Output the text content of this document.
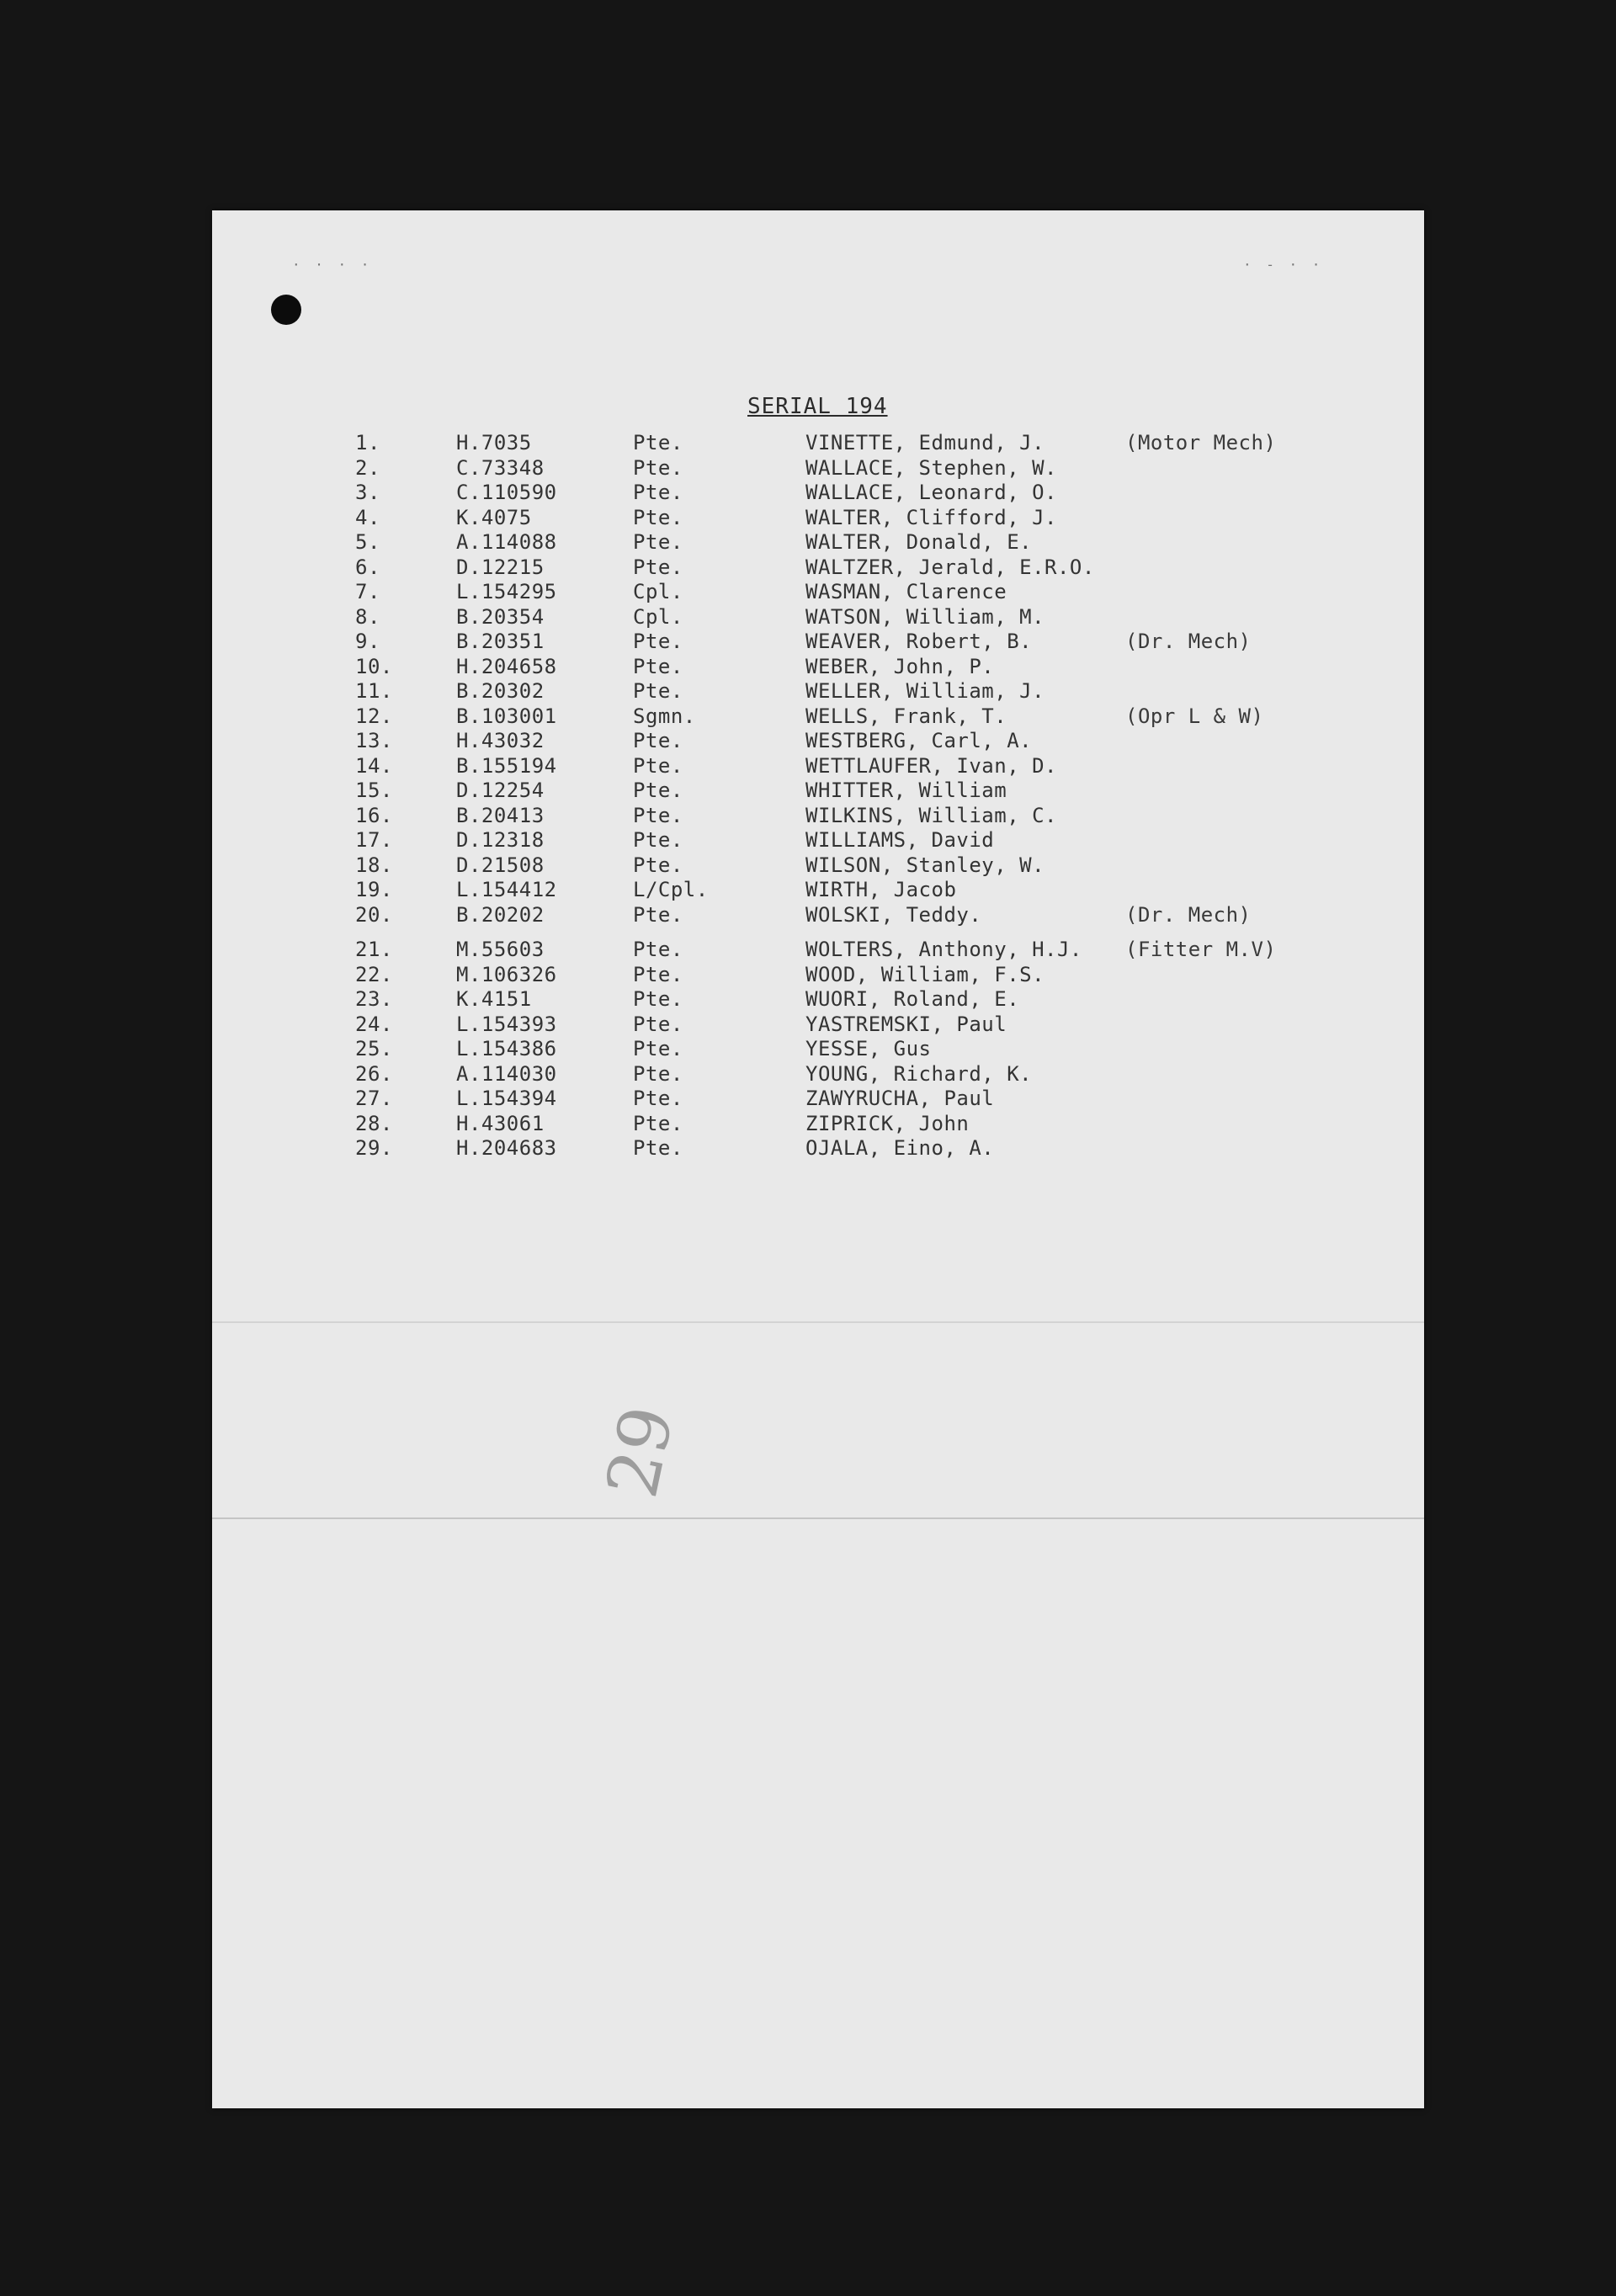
· · · ·	· - · ·
SERIAL 194
1.	H.7035	Pte.	VINETTE, Edmund, J.	(Motor Mech)
2.	C.73348	Pte.	WALLACE, Stephen, W.
3.	C.110590	Pte.	WALLACE, Leonard, O.
4.	K.4075	Pte.	WALTER, Clifford, J.
5.	A.114088	Pte.	WALTER, Donald, E.
6.	D.12215	Pte.	WALTZER, Jerald, E.R.O.
7.	L.154295	Cpl.	WASMAN, Clarence
8.	B.20354	Cpl.	WATSON, William, M.
9.	B.20351	Pte.	WEAVER, Robert, B.	(Dr. Mech)
10.	H.204658	Pte.	WEBER, John, P.
11.	B.20302	Pte.	WELLER, William, J.
12.	B.103001	Sgmn.	WELLS, Frank, T.	(Opr L & W)
13.	H.43032	Pte.	WESTBERG, Carl, A.
14.	B.155194	Pte.	WETTLAUFER, Ivan, D.
15.	D.12254	Pte.	WHITTER, William
16.	B.20413	Pte.	WILKINS, William, C.
17.	D.12318	Pte.	WILLIAMS, David
18.	D.21508	Pte.	WILSON, Stanley, W.
19.	L.154412	L/Cpl.	WIRTH, Jacob
20.	B.20202	Pte.	WOLSKI, Teddy.	(Dr. Mech)
21.	M.55603	Pte.	WOLTERS, Anthony, H.J.	(Fitter M.V)
22.	M.106326	Pte.	WOOD, William, F.S.
23.	K.4151	Pte.	WUORI, Roland, E.
24.	L.154393	Pte.	YASTREMSKI, Paul
25.	L.154386	Pte.	YESSE, Gus
26.	A.114030	Pte.	YOUNG, Richard, K.
27.	L.154394	Pte.	ZAWYRUCHA, Paul
28.	H.43061	Pte.	ZIPRICK, John
29.	H.204683	Pte.	OJALA, Eino, A.
29
